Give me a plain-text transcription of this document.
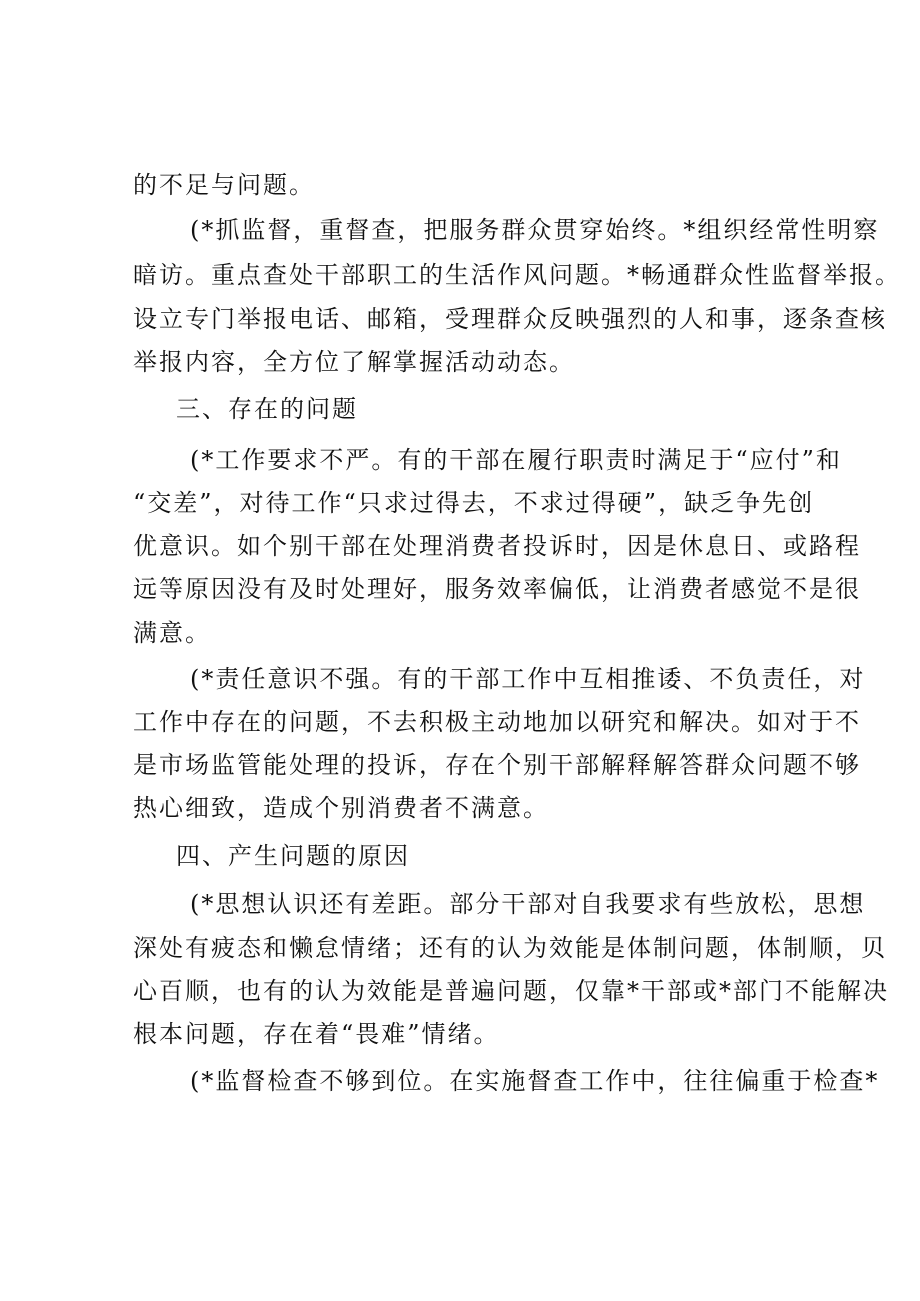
的不足与问题。
(*抓监督，重督查，把服务群众贯穿始终。*组织经常性明察
暗访。重点查处干部职工的生活作风问题。*畅通群众性监督举报。
设立专门举报电话、邮箱，受理群众反映强烈的人和事，逐条查核
举报内容，全方位了解掌握活动动态。
三、存在的问题
(*工作要求不严。有的干部在履行职责时满足于“应付”和
“交差”，对待工作“只求过得去，不求过得硬”，缺乏争先创
优意识。如个别干部在处理消费者投诉时，因是休息日、或路程
远等原因没有及时处理好，服务效率偏低，让消费者感觉不是很
满意。
(*责任意识不强。有的干部工作中互相推诿、不负责任，对
工作中存在的问题，不去积极主动地加以研究和解决。如对于不
是市场监管能处理的投诉，存在个别干部解释解答群众问题不够
热心细致，造成个别消费者不满意。
四、产生问题的原因
(*思想认识还有差距。部分干部对自我要求有些放松，思想
深处有疲态和懒怠情绪；还有的认为效能是体制问题，体制顺，贝
心百顺，也有的认为效能是普遍问题，仅靠*干部或*部门不能解决
根本问题，存在着“畏难”情绪。
(*监督检查不够到位。在实施督查工作中，往往偏重于检查*
